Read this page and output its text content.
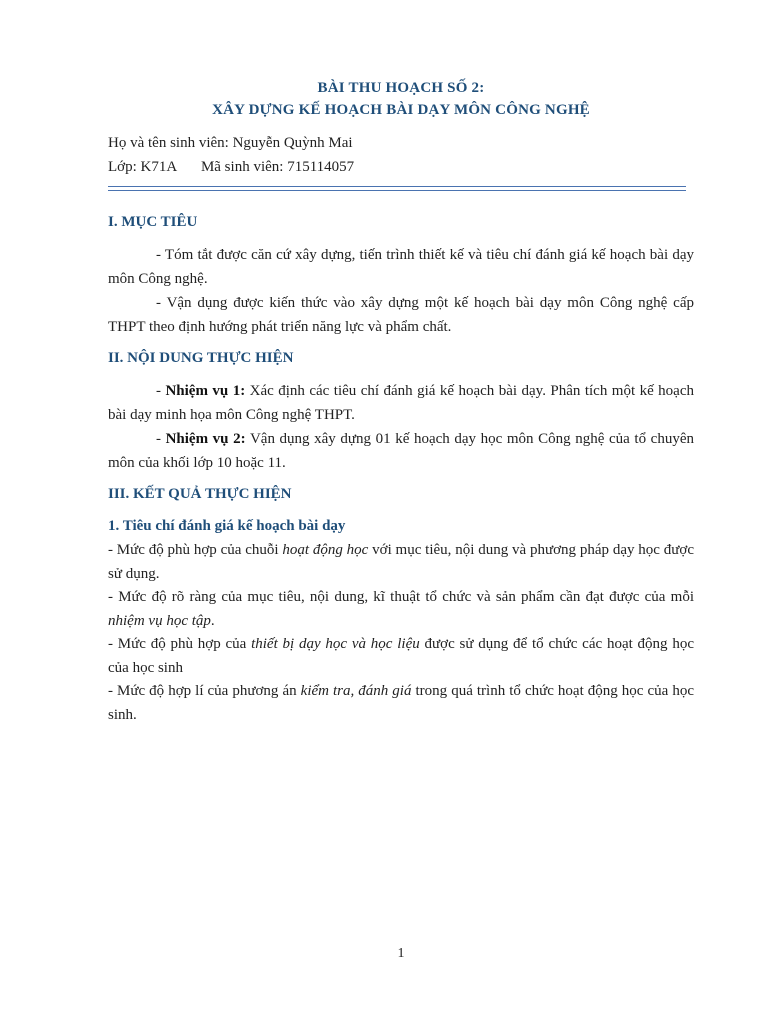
BÀI THU HOẠCH SỐ 2:
XÂY DỰNG KẾ HOẠCH BÀI DẠY MÔN CÔNG NGHỆ
Họ và tên sinh viên: Nguyễn Quỳnh Mai
Lớp: K71A Mã sinh viên: 715114057
I. MỤC TIÊU
- Tóm tắt được căn cứ xây dựng, tiến trình thiết kế và tiêu chí đánh giá kế hoạch bài dạy môn Công nghệ.
- Vận dụng được kiến thức vào xây dựng một kế hoạch bài dạy môn Công nghệ cấp THPT theo định hướng phát triển năng lực và phẩm chất.
II. NỘI DUNG THỰC HIỆN
- Nhiệm vụ 1: Xác định các tiêu chí đánh giá kế hoạch bài dạy. Phân tích một kế hoạch bài dạy minh họa môn Công nghệ THPT.
- Nhiệm vụ 2: Vận dụng xây dựng 01 kế hoạch dạy học môn Công nghệ của tổ chuyên môn của khối lớp 10 hoặc 11.
III. KẾT QUẢ THỰC HIỆN
1. Tiêu chí đánh giá kế hoạch bài dạy
- Mức độ phù hợp của chuỗi hoạt động học với mục tiêu, nội dung và phương pháp dạy học được sử dụng.
- Mức độ rõ ràng của mục tiêu, nội dung, kĩ thuật tổ chức và sản phẩm cần đạt được của mỗi nhiệm vụ học tập.
- Mức độ phù hợp của thiết bị dạy học và học liệu được sử dụng để tổ chức các hoạt động học của học sinh
- Mức độ hợp lí của phương án kiểm tra, đánh giá trong quá trình tổ chức hoạt động học của học sinh.
1
